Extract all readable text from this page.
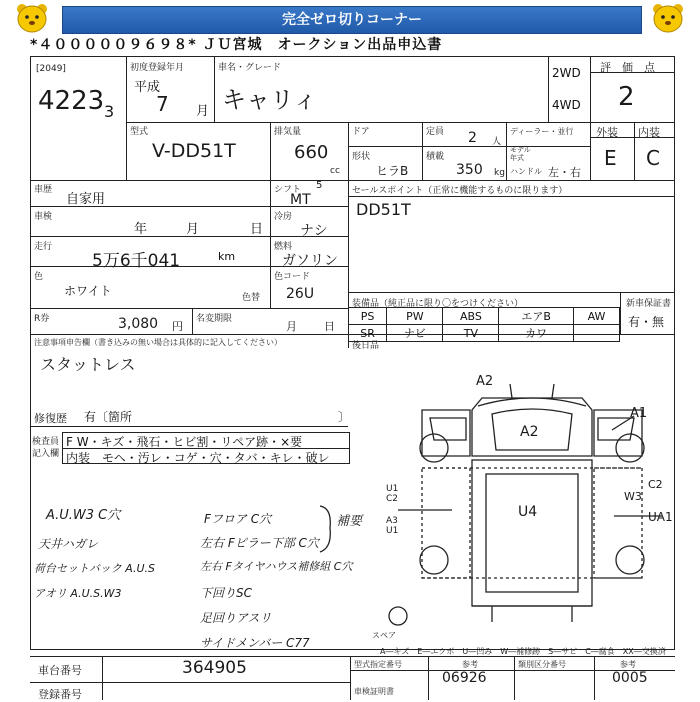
完全ゼロ切りコーナー
*４０００００９６９８* ＪＵ宮城　オークション出品申込書
[2049]
4223 3
初度登録年月
平成
7 月
車名・グレード
キャリィ
2WD
4WD
評　価　点
2
型式
V-DD51T
排気量
660
cc
ドア
形状
ヒラB
定員 2 人
積載
350 kg
ディーラー・並行
モデル年式
ハンドル 左・右
外装 内装
E C
車歴
自家用
シフト 5
MT
セールスポイント（正常に機能するものに限ります）
DD51T
車検
年	月	日
冷房
ナシ
走行
5万6千041	km
燃料
ガソリン
色
ホワイト	色替
色コード
26U
装備品（純正品に限り〇をつけください）
PS	PW	ABS	エアB	AW
SR	ナビ	TV	カワ	
新車保証書
有・無
R券	3,080 円
名変期限
月 日
後日品
注意事項申告欄（書き込みの無い場合は具体的に記入してください）
スタットレス
修復歴 有〔箇所	〕
検査員記入欄
F W・キズ・飛石・ヒビ割・リペア跡・×要
内装　モヘ・汚レ・コゲ・穴・タバ・キレ・破レ
A.U.W3 C穴
天井ハガレ
荷台セットバック A.U.S
アオリ A.U.S.W3
Fフロア C穴
左右 Fピラー下部 C穴
左右 Fタイヤハウス補修組 C穴
下回りSC
足回りアスリ
サイドメンバー C77
補要
A2
A1
A2
U4
C2
W3
UA1
U1
C2
A3
U1
スペア
A―キズ　E―エクボ　U―凹み　W―補修跡　S―サビ　C―腐食　XX―交換済
車台番号	364905
登録番号
型式指定番号	参考
06926
類別区分番号	参考
0005
車検証明書
